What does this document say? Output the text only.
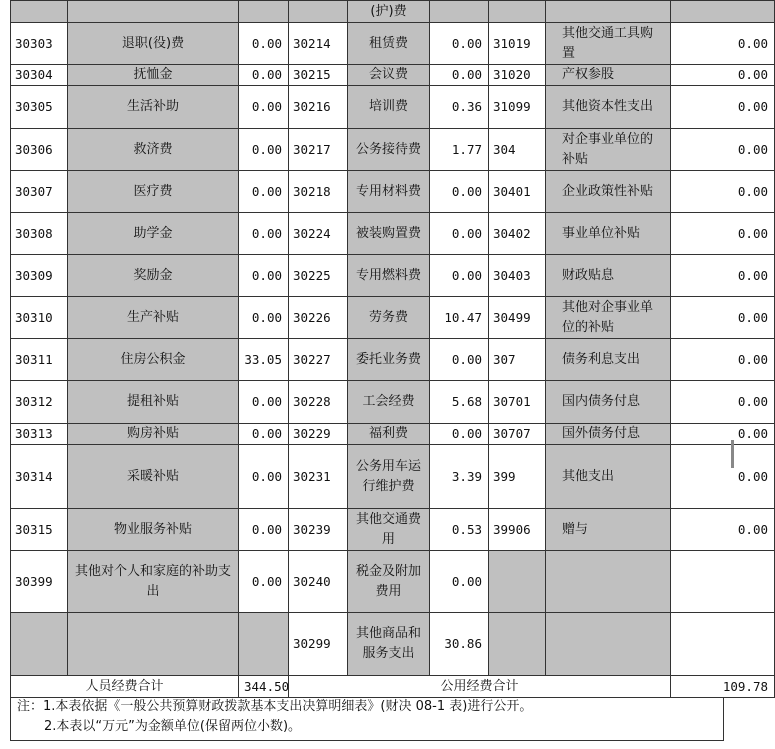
				(护)费				
30303	退职(役)费	0.00	30214	租赁费	0.00	31019	其他交通工具购置	0.00
30304	抚恤金	0.00	30215	会议费	0.00	31020	产权参股	0.00
30305	生活补助	0.00	30216	培训费	0.36	31099	其他资本性支出	0.00
30306	救济费	0.00	30217	公务接待费	1.77	304	对企事业单位的补贴	0.00
30307	医疗费	0.00	30218	专用材料费	0.00	30401	企业政策性补贴	0.00
30308	助学金	0.00	30224	被装购置费	0.00	30402	事业单位补贴	0.00
30309	奖励金	0.00	30225	专用燃料费	0.00	30403	财政贴息	0.00
30310	生产补贴	0.00	30226	劳务费	10.47	30499	其他对企事业单位的补贴	0.00
30311	住房公积金	33.05	30227	委托业务费	0.00	307	债务利息支出	0.00
30312	提租补贴	0.00	30228	工会经费	5.68	30701	国内债务付息	0.00
30313	购房补贴	0.00	30229	福利费	0.00	30707	国外债务付息	0.00
30314	采暖补贴	0.00	30231	公务用车运行维护费	3.39	399	其他支出	0.00
30315	物业服务补贴	0.00	30239	其他交通费用	0.53	39906	赠与	0.00
30399	其他对个人和家庭的补助支出	0.00	30240	税金及附加费用	0.00			
			30299	其他商品和服务支出	30.86			
人员经费合计		344.50	公用经费合计					109.78
注：1.本表依据《一般公共预算财政拨款基本支出决算明细表》(财决 08-1 表)进行公开。
2.本表以“万元”为金额单位(保留两位小数)。
